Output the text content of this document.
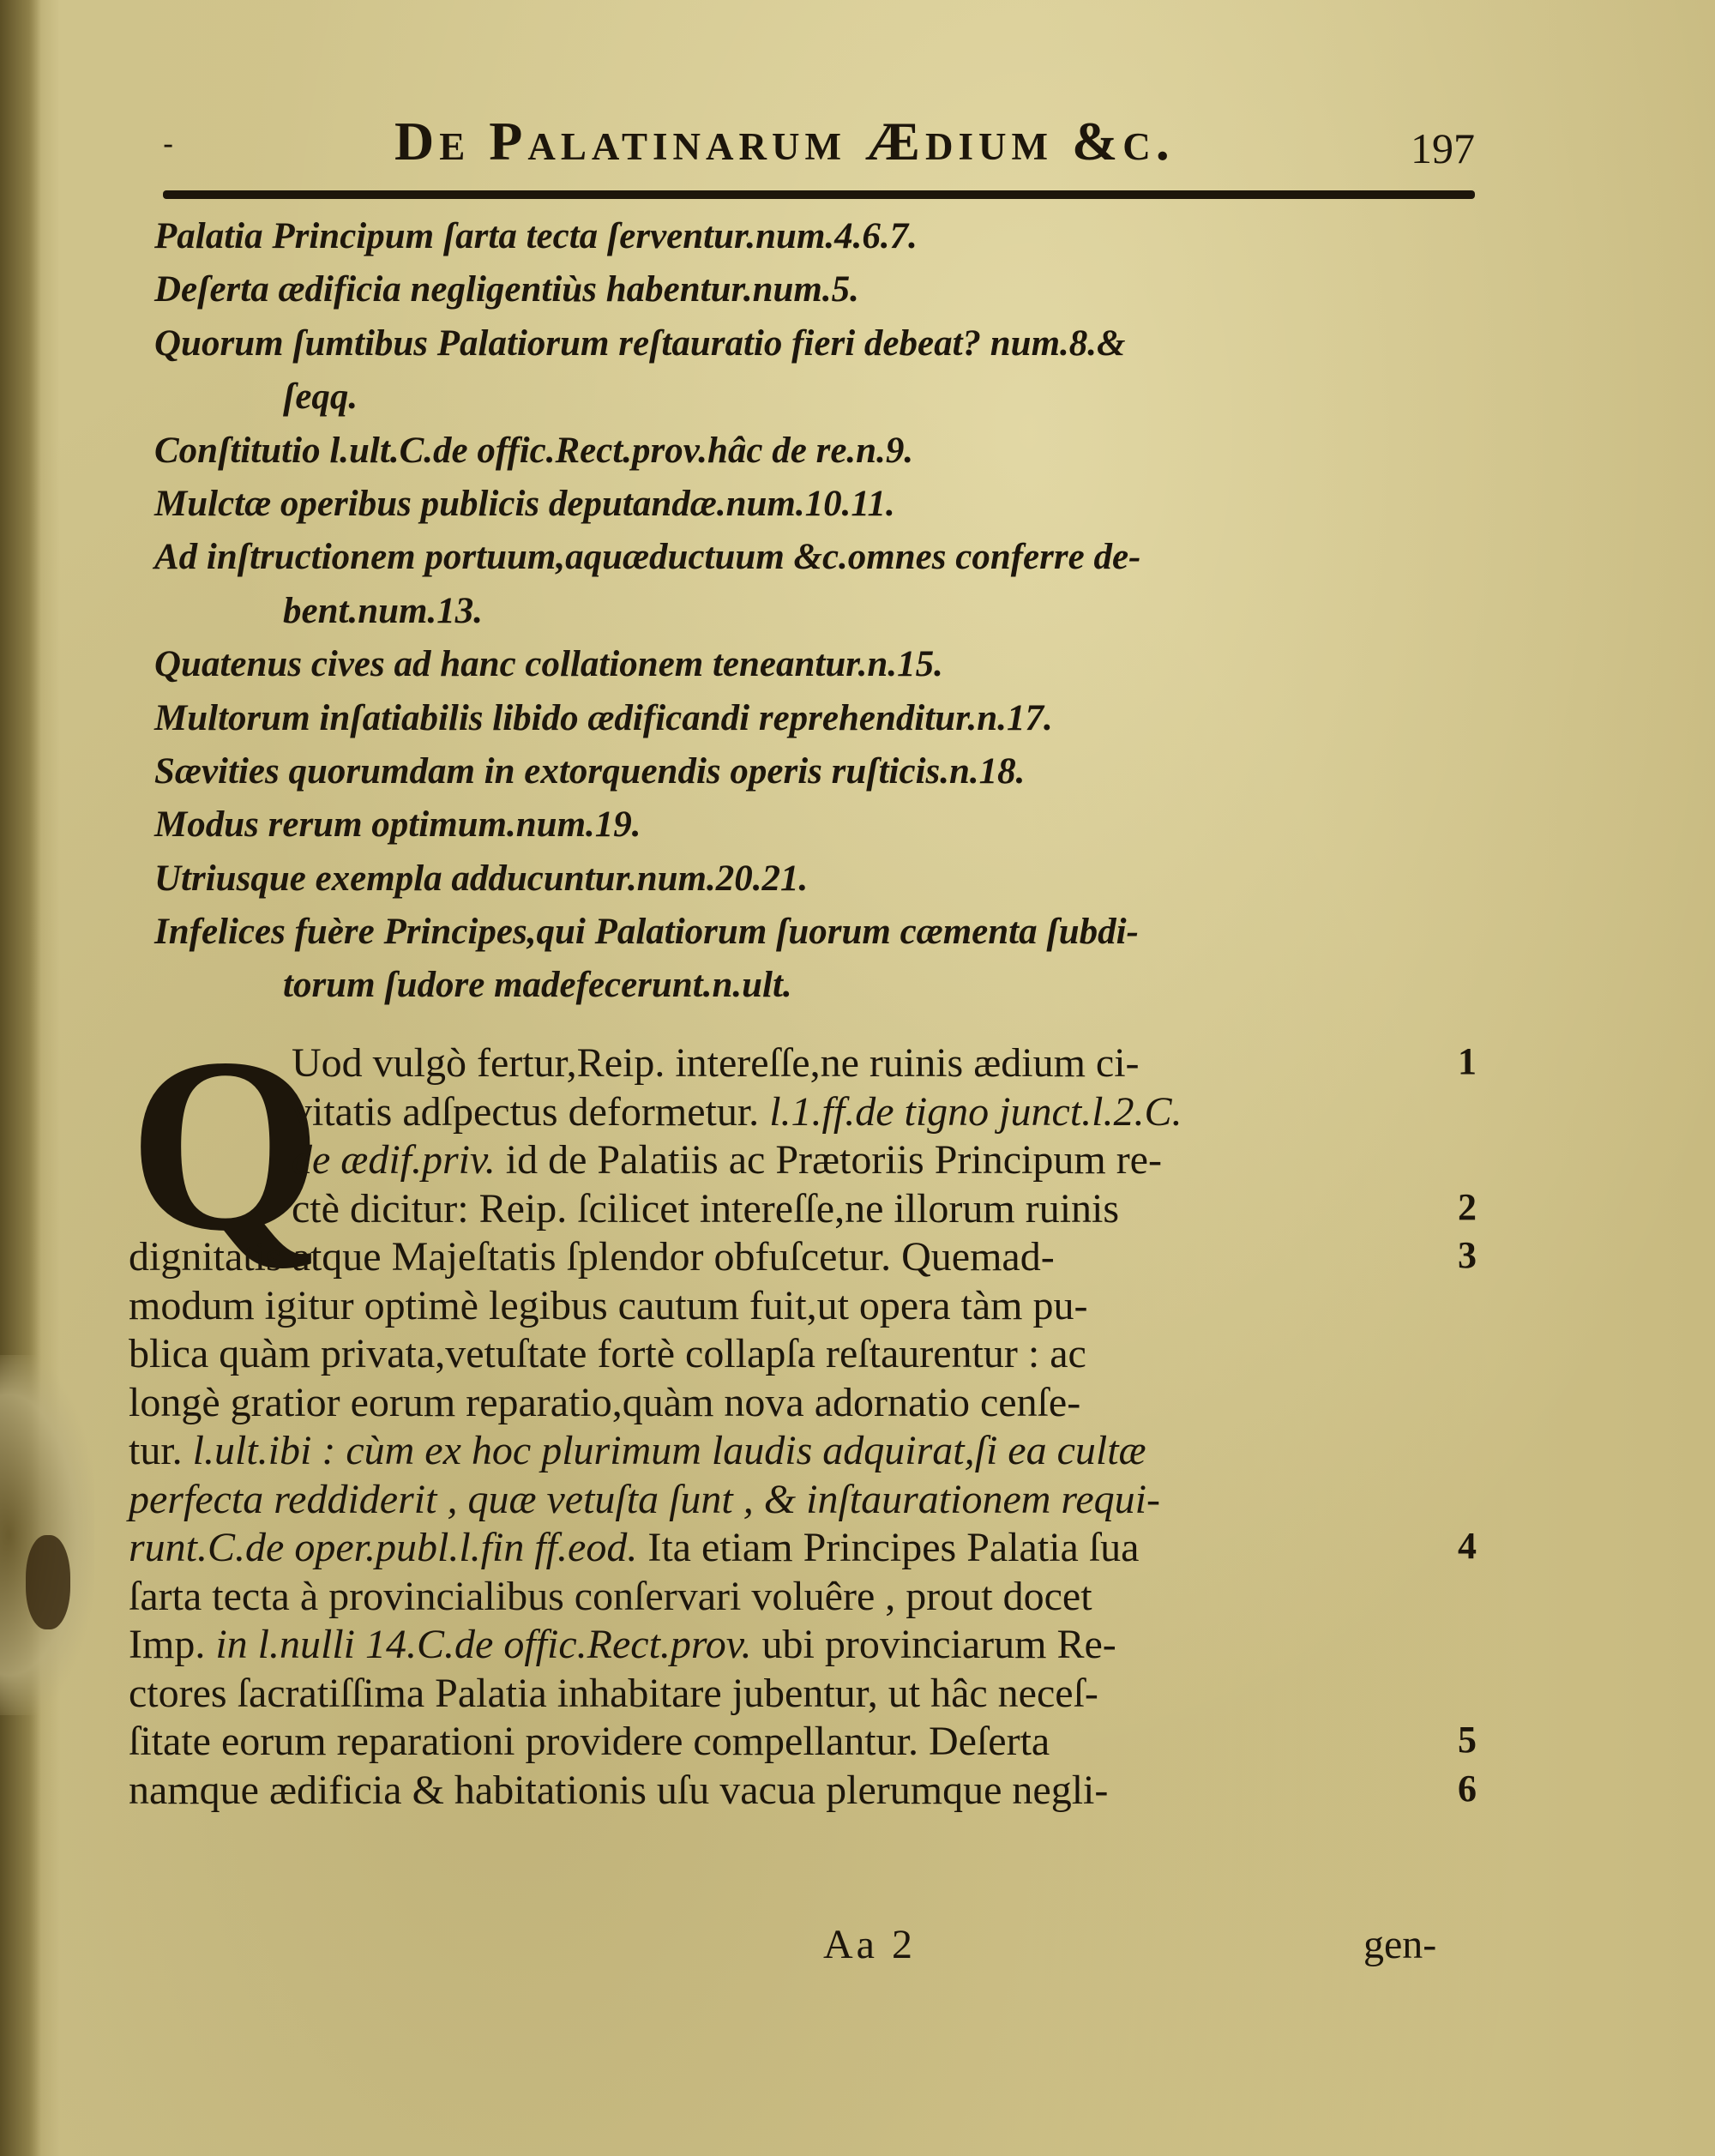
-	De Palatinarum Ædium &c.	197
Palatia Principum ſarta tecta ſerventur.num.4.6.7.
Deſerta ædificia negligentiùs habentur.num.5.
Quorum ſumtibus Palatiorum reſtauratio fieri debeat? num.8.&
ſeqq.
Conſtitutio l.ult.C.de offic.Rect.prov.hâc de re.n.9.
Mulctæ operibus publicis deputandæ.num.10.11.
Ad inſtructionem portuum,aquæductuum &c.omnes conferre de-
bent.num.13.
Quatenus cives ad hanc collationem teneantur.n.15.
Multorum inſatiabilis libido ædificandi reprehenditur.n.17.
Sævities quorumdam in extorquendis operis ruſticis.n.18.
Modus rerum optimum.num.19.
Utriusque exempla adducuntur.num.20.21.
Infelices fuère Principes,qui Palatiorum ſuorum cæmenta ſubdi-
torum ſudore madefecerunt.n.ult.
Q
Uod vulgò fertur,Reip. intereſſe,ne ruinis ædium ci-
vitatis adſpectus deformetur. l.1.ff.de tigno junct.l.2.C.
de ædif.priv. id de Palatiis ac Prætoriis Principum re-
ctè dicitur: Reip. ſcilicet intereſſe,ne illorum ruinis
dignitatis atque Majeſtatis ſplendor obfuſcetur. Quemad-
modum igitur optimè legibus cautum fuit,ut opera tàm pu-
blica quàm privata,vetuſtate fortè collapſa reſtaurentur : ac
longè gratior eorum reparatio,quàm nova adornatio cenſe-
tur. l.ult.ibi : cùm ex hoc plurimum laudis adquirat,ſi ea cultæ
perfecta reddiderit , quæ vetuſta ſunt , & inſtaurationem requi-
runt.C.de oper.publ.l.fin ff.eod. Ita etiam Principes Palatia ſua
ſarta tecta à provincialibus conſervari voluêre , prout docet
Imp. in l.nulli 14.C.de offic.Rect.prov. ubi provinciarum Re-
ctores ſacratiſſima Palatia inhabitare jubentur, ut hâc neceſ-
ſitate eorum reparationi providere compellantur. Deſerta
namque ædificia & habitationis uſu vacua plerumque negli-
1
2
3
4
5
6
Aa 2	gen-
